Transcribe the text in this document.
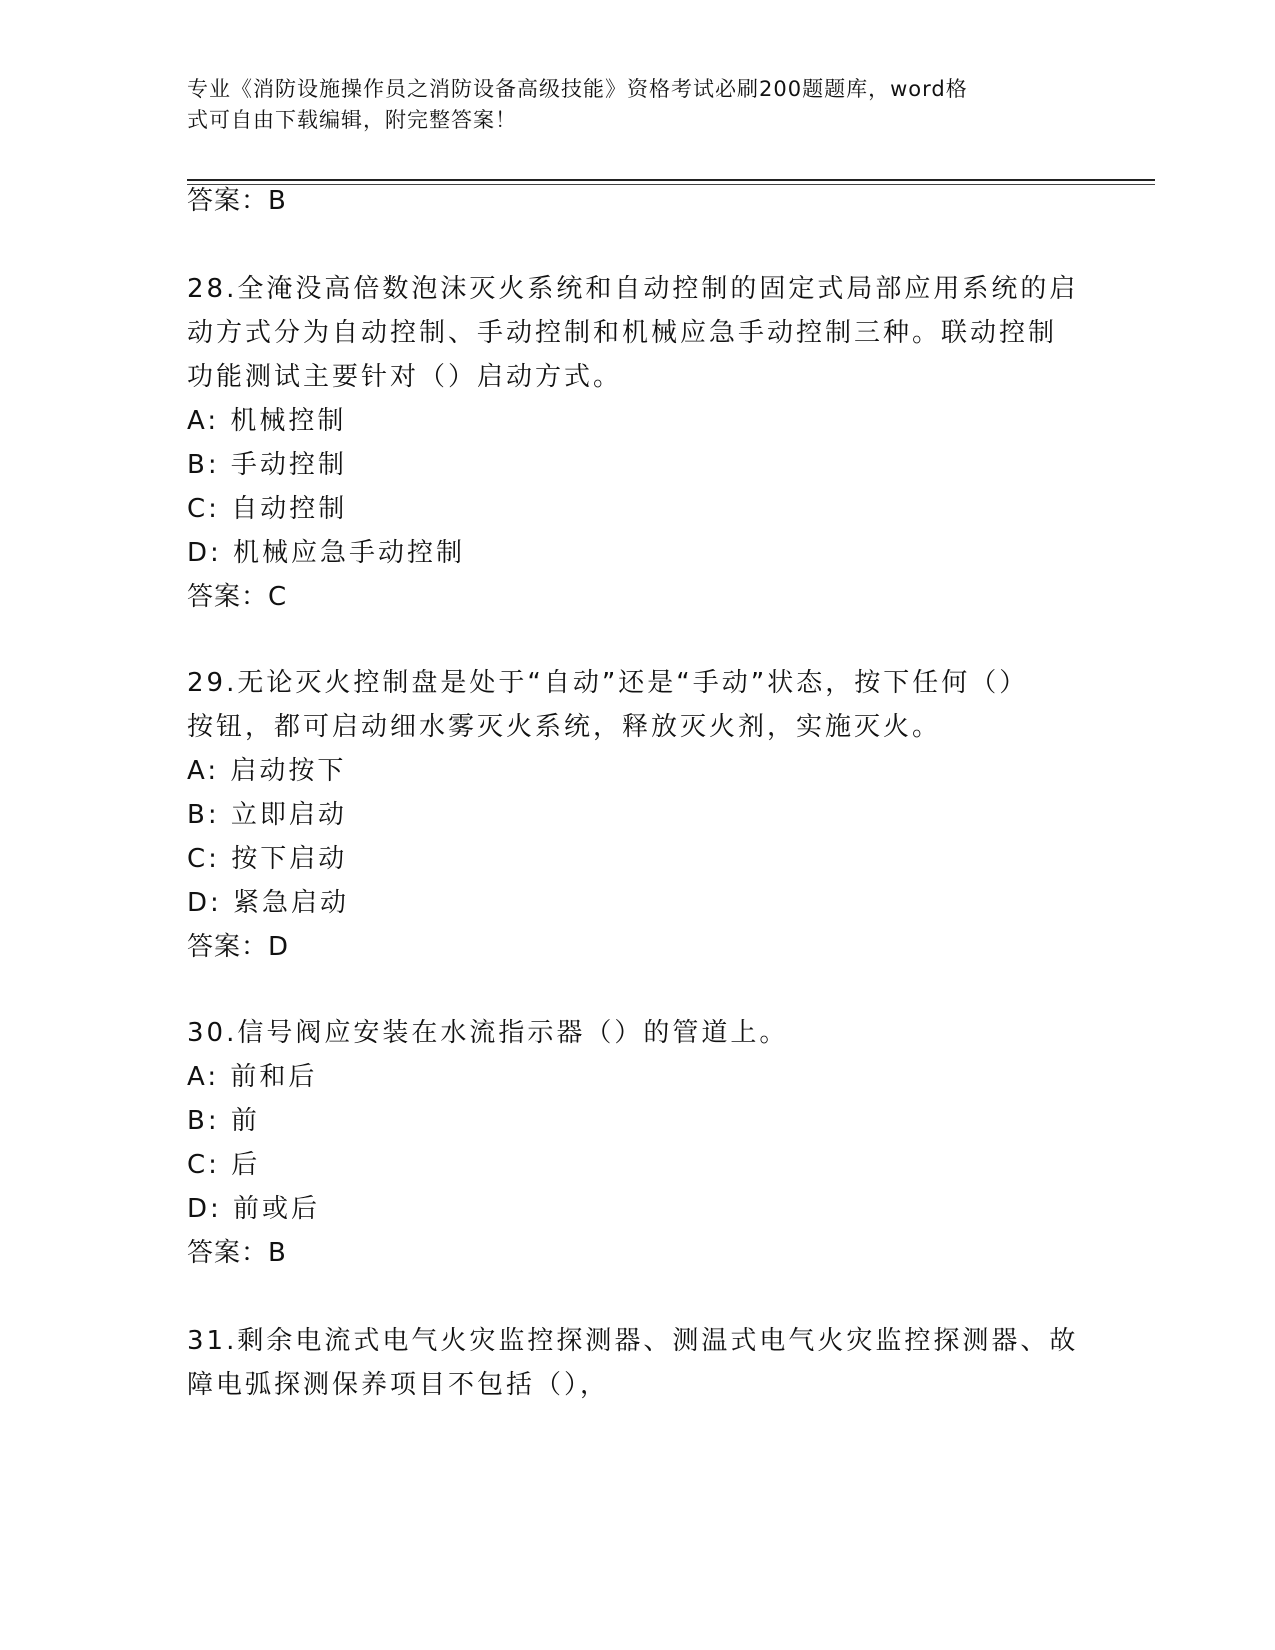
专业《消防设施操作员之消防设备高级技能》资格考试必刷200题题库，word格
式可自由下载编辑，附完整答案！
答案：B
28.全淹没高倍数泡沫灭火系统和自动控制的固定式局部应用系统的启
动方式分为自动控制、手动控制和机械应急手动控制三种。联动控制
功能测试主要针对（）启动方式。
A: 机械控制
B: 手动控制
C: 自动控制
D: 机械应急手动控制
答案：C
29.无论灭火控制盘是处于“自动”还是“手动”状态，按下任何（）
按钮，都可启动细水雾灭火系统，释放灭火剂，实施灭火。
A: 启动按下
B: 立即启动
C: 按下启动
D: 紧急启动
答案：D
30.信号阀应安装在水流指示器（）的管道上。
A: 前和后
B: 前
C: 后
D: 前或后
答案：B
31.剩余电流式电气火灾监控探测器、测温式电气火灾监控探测器、故
障电弧探测保养项目不包括（），
